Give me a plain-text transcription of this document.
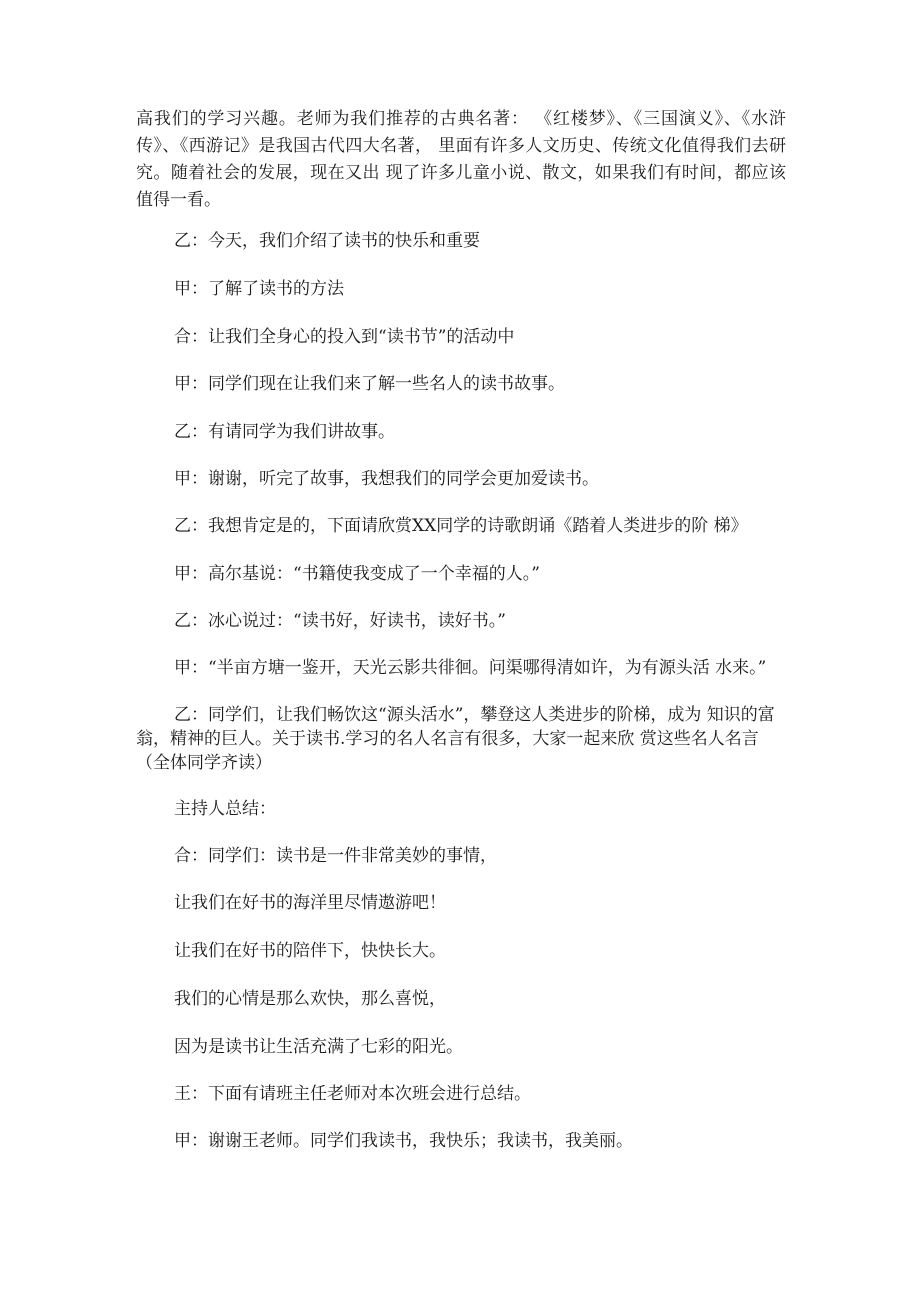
高我们的学习兴趣。老师为我们推荐的古典名著： 《红楼梦》、《三国演义》、《水浒传》、《西游记》是我国古代四大名著， 里面有许多人文历史、传统文化值得我们去研究。随着社会的发展，现在又出 现了许多儿童小说、散文，如果我们有时间，都应该值得一看。
乙：今天，我们介绍了读书的快乐和重要
甲：了解了读书的方法
合：让我们全身心的投入到“读书节”的活动中
甲：同学们现在让我们来了解一些名人的读书故事。
乙：有请同学为我们讲故事。
甲：谢谢，听完了故事，我想我们的同学会更加爱读书。
乙：我想肯定是的，下面请欣赏XX同学的诗歌朗诵《踏着人类进步的阶 梯》
甲：高尔基说：“书籍使我变成了一个幸福的人。”
乙：冰心说过：“读书好，好读书，读好书。”
甲：“半亩方塘一鉴开，天光云影共徘徊。问渠哪得清如许，为有源头活 水来。”
乙：同学们，让我们畅饮这“源头活水”，攀登这人类进步的阶梯，成为 知识的富翁，精神的巨人。关于读书.学习的名人名言有很多，大家一起来欣 赏这些名人名言（全体同学齐读）
主持人总结：
合：同学们：读书是一件非常美妙的事情，
让我们在好书的海洋里尽情遨游吧！
让我们在好书的陪伴下，快快长大。
我们的心情是那么欢快，那么喜悦，
因为是读书让生活充满了七彩的阳光。
王：下面有请班主任老师对本次班会进行总结。
甲：谢谢王老师。同学们我读书，我快乐；我读书，我美丽。
